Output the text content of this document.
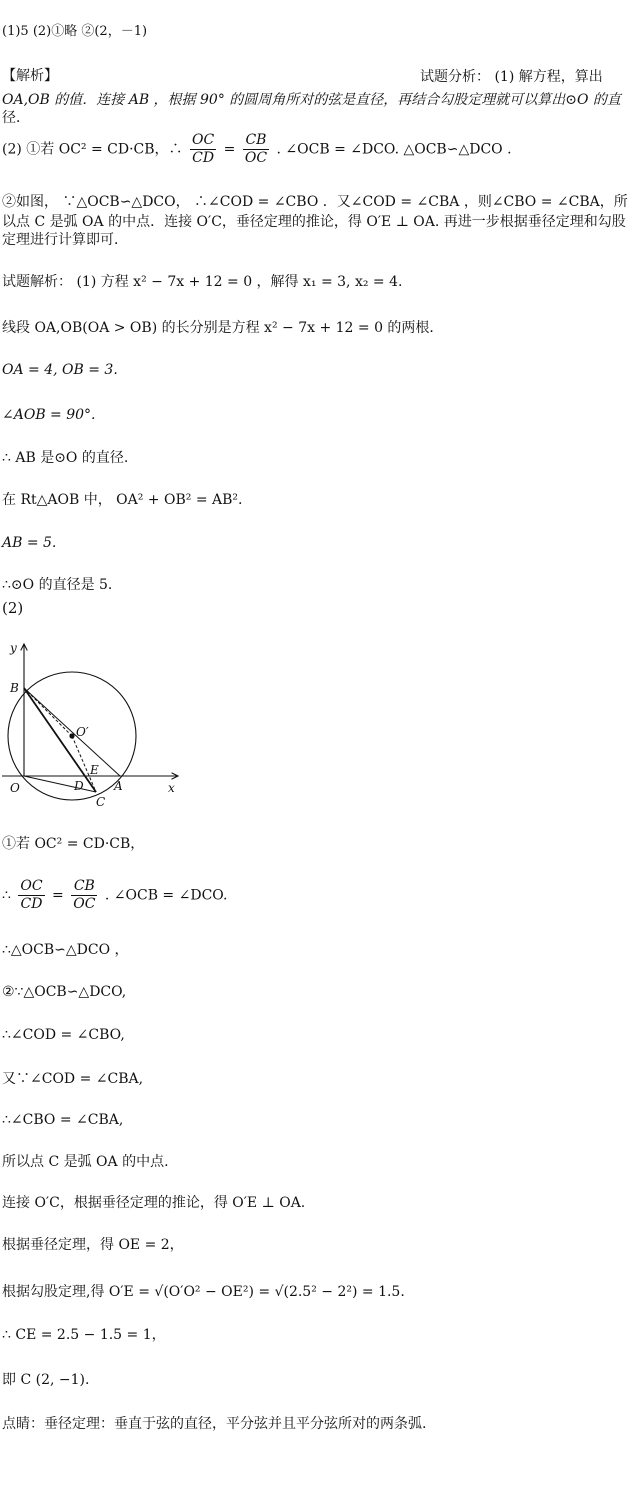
(1)5 (2)①略 ②(2，－1)
【解析】	试题分析： (1) 解方程，算出
OA,OB 的值．连接 AB ，根据 90° 的圆周角所对的弦是直径，再结合勾股定理就可以算出⊙O 的直
径．
(2) ①若 OC² = CD·CB，∴ $\frac{OC}{CD} = \frac{CB}{OC}$ . ∠OCB = ∠DCO. △OCB∽△DCO .
②如图， ∵△OCB∽△DCO， ∴∠COD = ∠CBO ．又∠COD = ∠CBA ，则∠CBO = ∠CBA，所
以点 C 是弧 OA 的中点．连接 O′C，垂径定理的推论，得 O′E ⊥ OA. 再进一步根据垂径定理和勾股
定理进行计算即可．
试题解析： (1) 方程 x² − 7x + 12 = 0 ，解得 x₁ = 3, x₂ = 4.
线段 OA,OB(OA > OB) 的长分别是方程 x² − 7x + 12 = 0 的两根．
OA = 4, OB = 3.
∠AOB = 90°.
∴ AB 是⊙O 的直径.
在 Rt△AOB 中， OA² + OB² = AB².
AB = 5.
∴⊙O 的直径是 5.
(2)
y
B
O′
E
O	D	A
C
x
①若 OC² = CD·CB，
∴ $\frac{OC}{CD} = \frac{CB}{OC}$ . ∠OCB = ∠DCO.
∴△OCB∽△DCO ，
②∵△OCB∽△DCO,
∴∠COD = ∠CBO,
又∵∠COD = ∠CBA,
∴∠CBO = ∠CBA,
所以点 C 是弧 OA 的中点.
连接 O′C，根据垂径定理的推论，得 O′E ⊥ OA.
根据垂径定理，得 OE = 2，
根据勾股定理,得 O′E = √(O′O² − OE²) = √(2.5² − 2²) = 1.5.
∴ CE = 2.5 − 1.5 = 1，
即 C (2, −1).
点睛：垂径定理：垂直于弦的直径，平分弦并且平分弦所对的两条弧.
